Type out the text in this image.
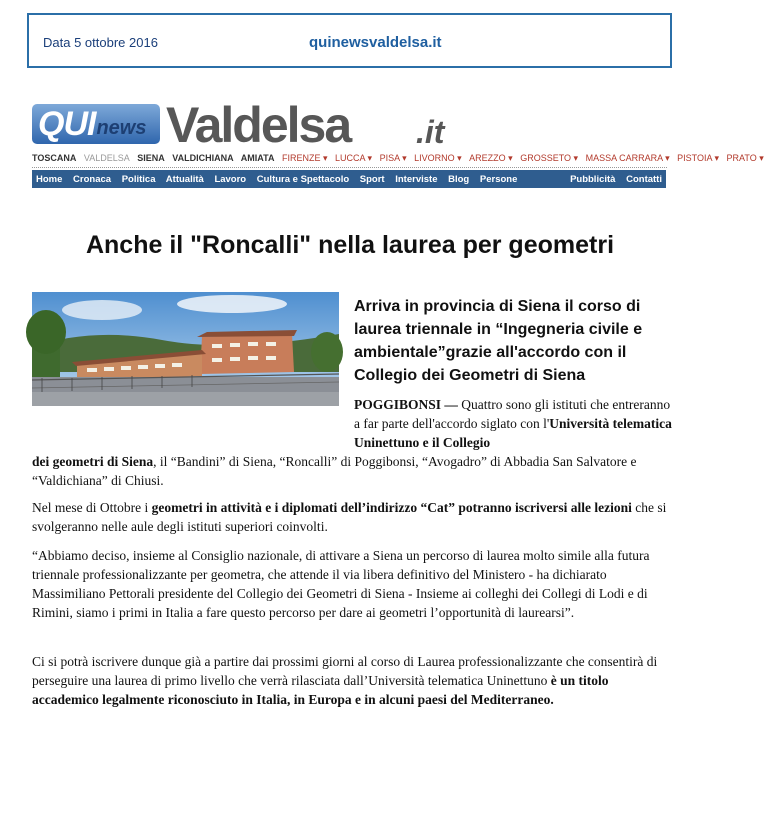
Data 5 ottobre 2016	quinewsvaldelsa.it
QUI news Valdelsa .it
TOSCANA VALDELSA SIENA VALDICHIANA AMIATA FIRENZE ▾ LUCCA ▾ PISA ▾ LIVORNO ▾ AREZZO ▾ GROSSETO ▾ MASSA CARRARA ▾ PISTOIA ▾ PRATO ▾
Home Cronaca Politica Attualità Lavoro Cultura e Spettacolo Sport Interviste Blog Persone	Pubblicità Contatti
Anche il "Roncalli" nella laurea per geometri
Arriva in provincia di Siena il corso di laurea triennale in “Ingegneria civile e ambientale”grazie all'accordo con il Collegio dei Geometri di Siena
POGGIBONSI — Quattro sono gli istituti che entreranno a far parte dell'accordo siglato con l'Università telematica Uninettuno e il Collegio
dei geometri di Siena, il “Bandini” di Siena, “Roncalli” di Poggibonsi, “Avogadro” di Abbadia San Salvatore e “Valdichiana” di Chiusi.
Nel mese di Ottobre i geometri in attività e i diplomati dell’indirizzo “Cat” potranno iscriversi alle lezioni che si svolgeranno nelle aule degli istituti superiori coinvolti.
“Abbiamo deciso, insieme al Consiglio nazionale, di attivare a Siena un percorso di laurea molto simile alla futura triennale professionalizzante per geometra, che attende il via libera definitivo del Ministero - ha dichiarato Massimiliano Pettorali presidente del Collegio dei Geometri di Siena - Insieme ai colleghi dei Collegi di Lodi e di Rimini, siamo i primi in Italia a fare questo percorso per dare ai geometri l’opportunità di laurearsi”.
Ci si potrà iscrivere dunque già a partire dai prossimi giorni al corso di Laurea professionalizzante che consentirà di perseguire una laurea di primo livello che verrà rilasciata dall’Università telematica Uninettuno è un titolo accademico legalmente riconosciuto in Italia, in Europa e in alcuni paesi del Mediterraneo.
